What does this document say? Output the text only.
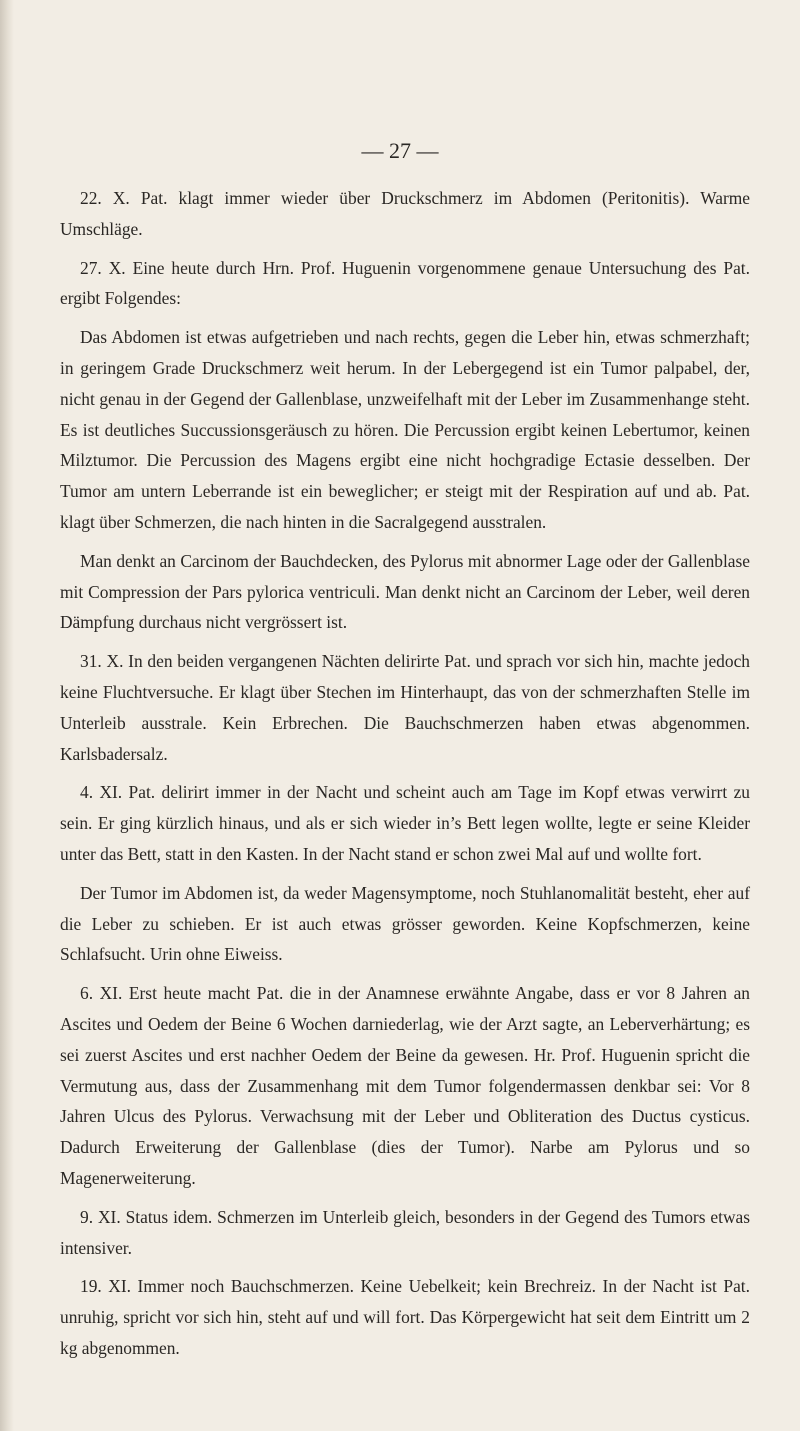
— 27 —

22. X. Pat. klagt immer wieder über Druckschmerz im Abdomen (Peritonitis). Warme Umschläge.

27. X. Eine heute durch Hrn. Prof. Huguenin vorgenommene genaue Untersuchung des Pat. ergibt Folgendes:

Das Abdomen ist etwas aufgetrieben und nach rechts, gegen die Leber hin, etwas schmerzhaft; in geringem Grade Druckschmerz weit herum. In der Lebergegend ist ein Tumor palpabel, der, nicht genau in der Gegend der Gallenblase, unzweifelhaft mit der Leber im Zusammenhange steht. Es ist deutliches Succussionsgeräusch zu hören. Die Percussion ergibt keinen Lebertumor, keinen Milztumor. Die Percussion des Magens ergibt eine nicht hochgradige Ectasie desselben. Der Tumor am untern Leberrande ist ein beweglicher; er steigt mit der Respiration auf und ab. Pat. klagt über Schmerzen, die nach hinten in die Sacralgegend ausstralen.

Man denkt an Carcinom der Bauchdecken, des Pylorus mit abnormer Lage oder der Gallenblase mit Compression der Pars pylorica ventriculi. Man denkt nicht an Carcinom der Leber, weil deren Dämpfung durchaus nicht vergrössert ist.

31. X. In den beiden vergangenen Nächten delirirte Pat. und sprach vor sich hin, machte jedoch keine Fluchtversuche. Er klagt über Stechen im Hinterhaupt, das von der schmerzhaften Stelle im Unterleib ausstrale. Kein Erbrechen. Die Bauchschmerzen haben etwas abgenommen. Karlsbadersalz.

4. XI. Pat. delirirt immer in der Nacht und scheint auch am Tage im Kopf etwas verwirrt zu sein. Er ging kürzlich hinaus, und als er sich wieder in’s Bett legen wollte, legte er seine Kleider unter das Bett, statt in den Kasten. In der Nacht stand er schon zwei Mal auf und wollte fort.

Der Tumor im Abdomen ist, da weder Magensymptome, noch Stuhlanomalität besteht, eher auf die Leber zu schieben. Er ist auch etwas grösser geworden. Keine Kopfschmerzen, keine Schlafsucht. Urin ohne Eiweiss.

6. XI. Erst heute macht Pat. die in der Anamnese erwähnte Angabe, dass er vor 8 Jahren an Ascites und Oedem der Beine 6 Wochen darniederlag, wie der Arzt sagte, an Leberverhärtung; es sei zuerst Ascites und erst nachher Oedem der Beine da gewesen. Hr. Prof. Huguenin spricht die Vermutung aus, dass der Zusammenhang mit dem Tumor folgendermassen denkbar sei: Vor 8 Jahren Ulcus des Pylorus. Verwachsung mit der Leber und Obliteration des Ductus cysticus. Dadurch Erweiterung der Gallenblase (dies der Tumor). Narbe am Pylorus und so Magenerweiterung.

9. XI. Status idem. Schmerzen im Unterleib gleich, besonders in der Gegend des Tumors etwas intensiver.

19. XI. Immer noch Bauchschmerzen. Keine Uebelkeit; kein Brechreiz. In der Nacht ist Pat. unruhig, spricht vor sich hin, steht auf und will fort. Das Körpergewicht hat seit dem Eintritt um 2 kg abgenommen.
